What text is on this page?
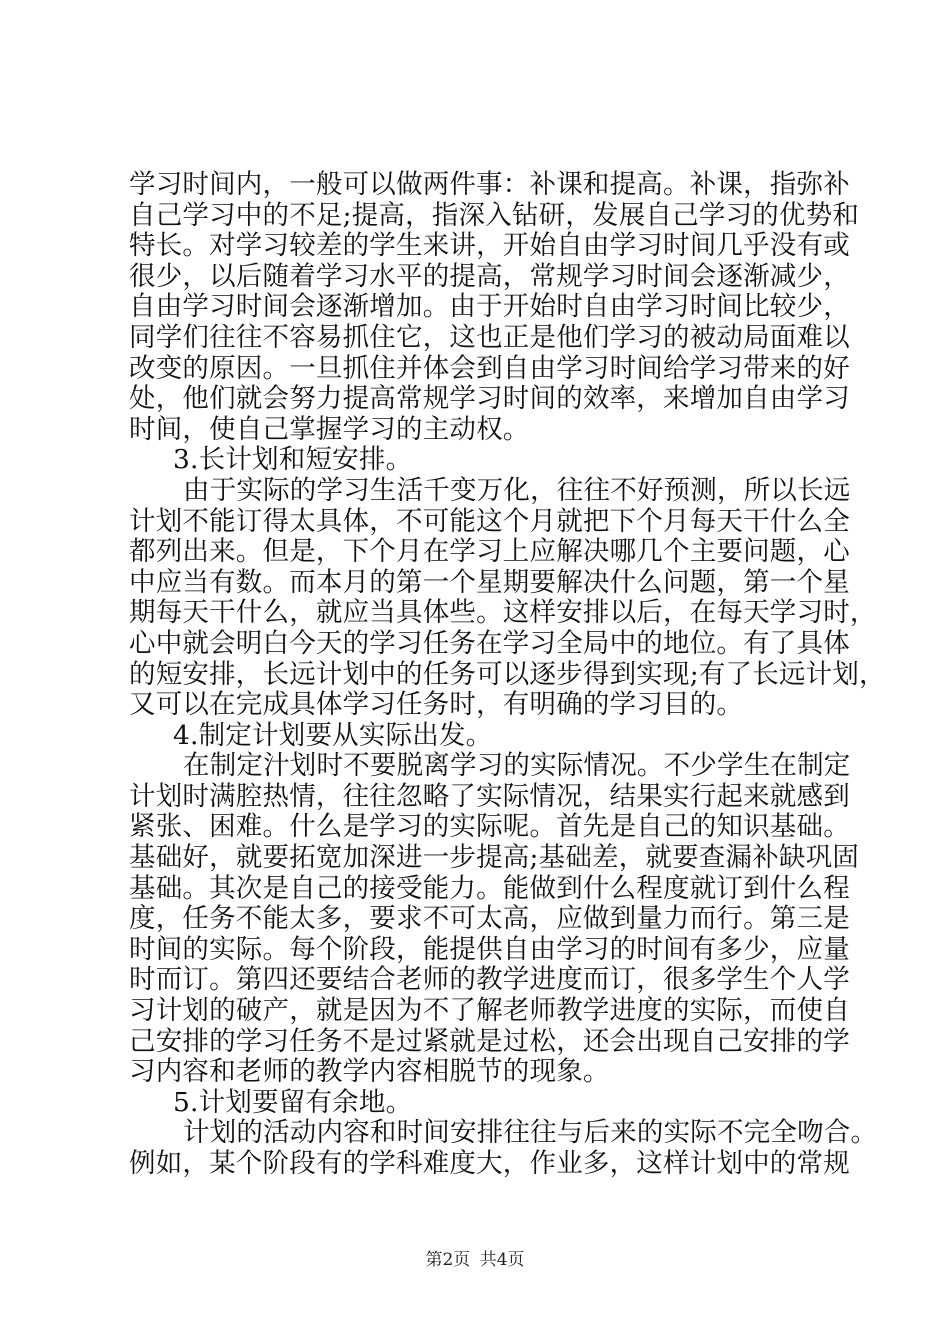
学习时间内，一般可以做两件事：补课和提高。补课，指弥补
自己学习中的不足;提高，指深入钻研，发展自己学习的优势和
特长。对学习较差的学生来讲，开始自由学习时间几乎没有或
很少，以后随着学习水平的提高，常规学习时间会逐渐减少，
自由学习时间会逐渐增加。由于开始时自由学习时间比较少，
同学们往往不容易抓住它，这也正是他们学习的被动局面难以
改变的原因。一旦抓住并体会到自由学习时间给学习带来的好
处，他们就会努力提高常规学习时间的效率，来增加自由学习
时间，使自己掌握学习的主动权。
3.长计划和短安排。
由于实际的学习生活千变万化，往往不好预测，所以长远
计划不能订得太具体，不可能这个月就把下个月每天干什么全
都列出来。但是，下个月在学习上应解决哪几个主要问题，心
中应当有数。而本月的第一个星期要解决什么问题，第一个星
期每天干什么，就应当具体些。这样安排以后，在每天学习时，
心中就会明白今天的学习任务在学习全局中的地位。有了具体
的短安排，长远计划中的任务可以逐步得到实现;有了长远计划，
又可以在完成具体学习任务时，有明确的学习目的。
4.制定计划要从实际出发。
在制定汁划时不要脱离学习的实际情况。不少学生在制定
计划时满腔热情，往往忽略了实际情况，结果实行起来就感到
紧张、困难。什么是学习的实际呢。首先是自己的知识基础。
基础好，就要拓宽加深进一步提高;基础差，就要查漏补缺巩固
基础。其次是自己的接受能力。能做到什么程度就订到什么程
度，任务不能太多，要求不可太高，应做到量力而行。第三是
时间的实际。每个阶段，能提供自由学习的时间有多少，应量
时而订。第四还要结合老师的教学进度而订，很多学生个人学
习计划的破产，就是因为不了解老师教学进度的实际，而使自
己安排的学习任务不是过紧就是过松，还会出现自己安排的学
习内容和老师的教学内容相脱节的现象。
5.计划要留有余地。
计划的活动内容和时间安排往往与后来的实际不完全吻合。
例如，某个阶段有的学科难度大，作业多，这样计划中的常规
第2页 共4页
